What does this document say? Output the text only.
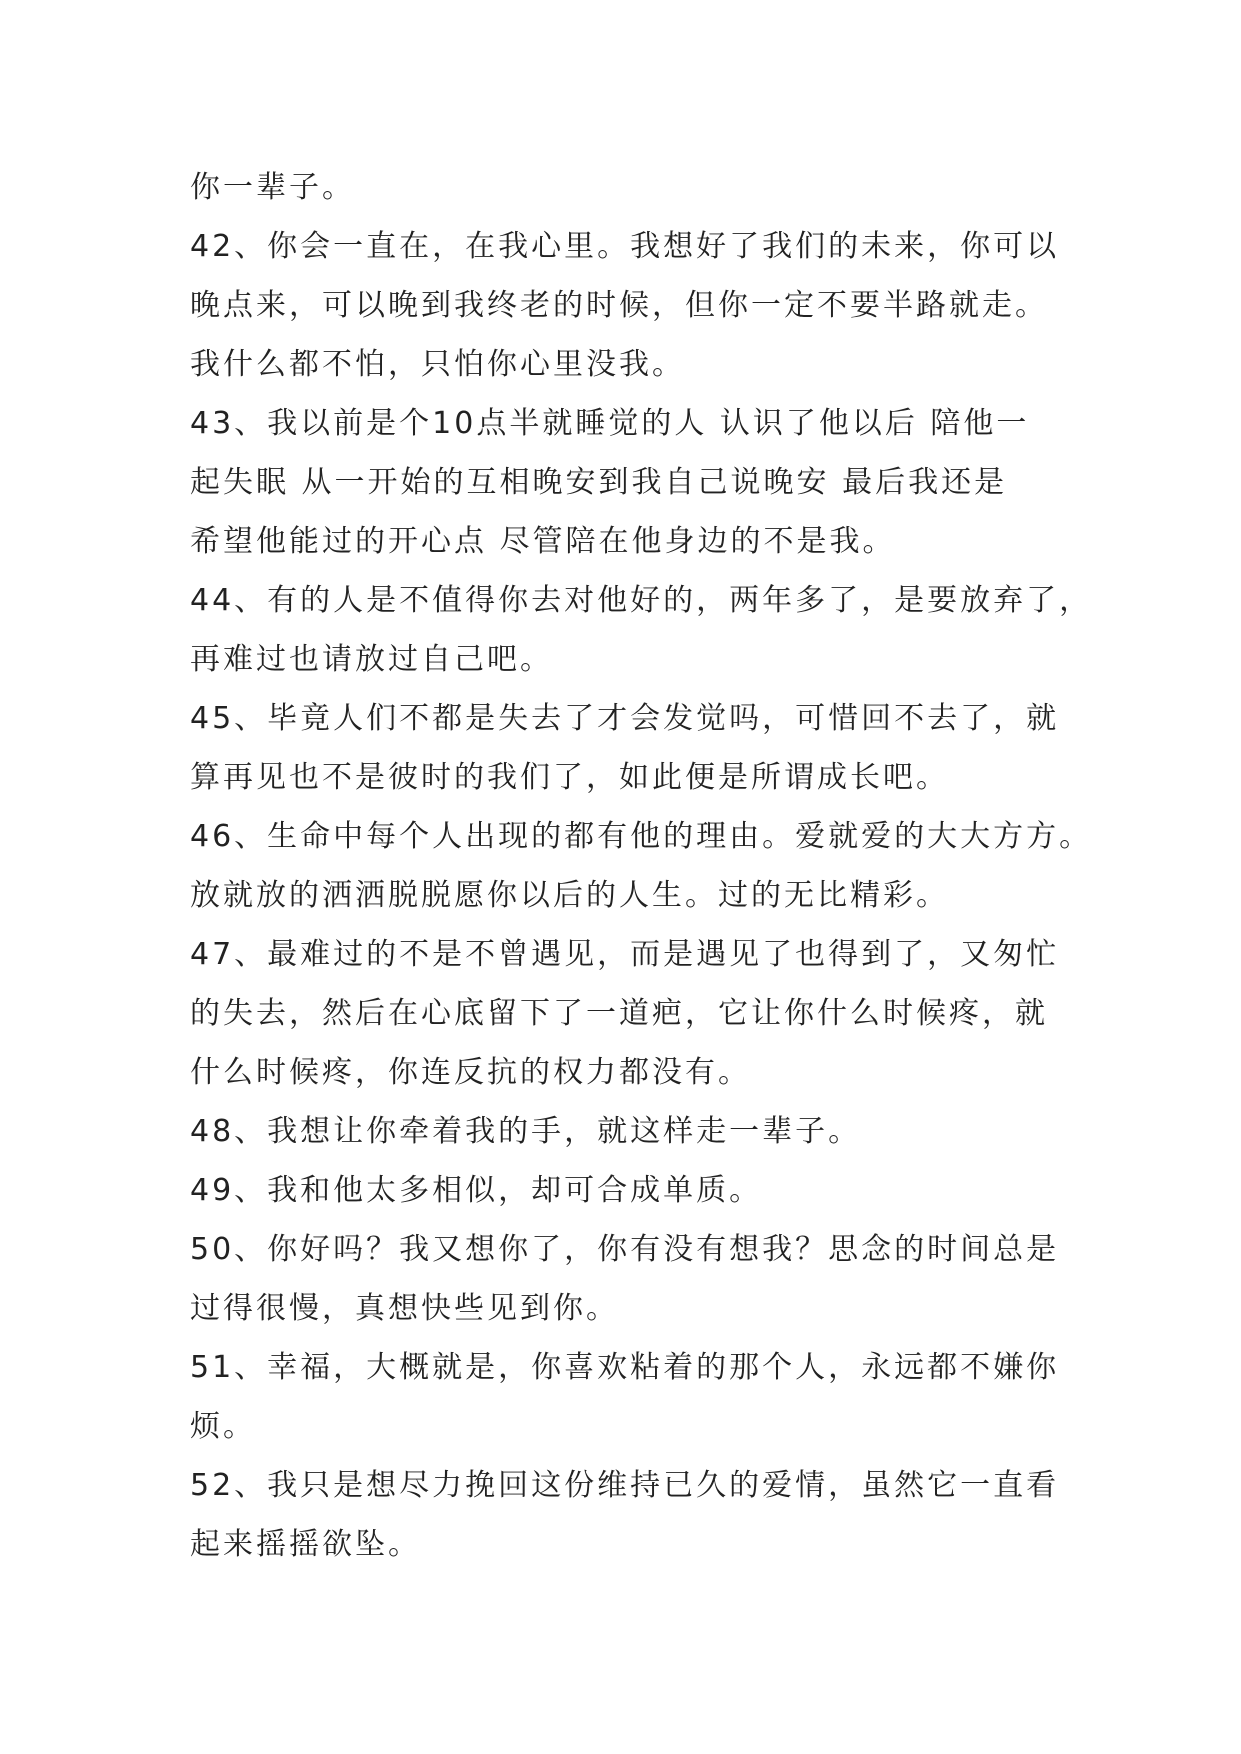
你一辈子。
42、你会一直在，在我心里。我想好了我们的未来，你可以
晚点来，可以晚到我终老的时候，但你一定不要半路就走。
我什么都不怕，只怕你心里没我。
43、我以前是个10点半就睡觉的人 认识了他以后 陪他一
起失眠 从一开始的互相晚安到我自己说晚安 最后我还是
希望他能过的开心点 尽管陪在他身边的不是我。
44、有的人是不值得你去对他好的，两年多了，是要放弃了，
再难过也请放过自己吧。
45、毕竟人们不都是失去了才会发觉吗，可惜回不去了，就
算再见也不是彼时的我们了，如此便是所谓成长吧。
46、生命中每个人出现的都有他的理由。爱就爱的大大方方。
放就放的洒洒脱脱愿你以后的人生。过的无比精彩。
47、最难过的不是不曾遇见，而是遇见了也得到了，又匆忙
的失去，然后在心底留下了一道疤，它让你什么时候疼，就
什么时候疼，你连反抗的权力都没有。
48、我想让你牵着我的手，就这样走一辈子。
49、我和他太多相似，却可合成单质。
50、你好吗？我又想你了，你有没有想我？思念的时间总是
过得很慢，真想快些见到你。
51、幸福，大概就是，你喜欢粘着的那个人，永远都不嫌你
烦。
52、我只是想尽力挽回这份维持已久的爱情，虽然它一直看
起来摇摇欲坠。
